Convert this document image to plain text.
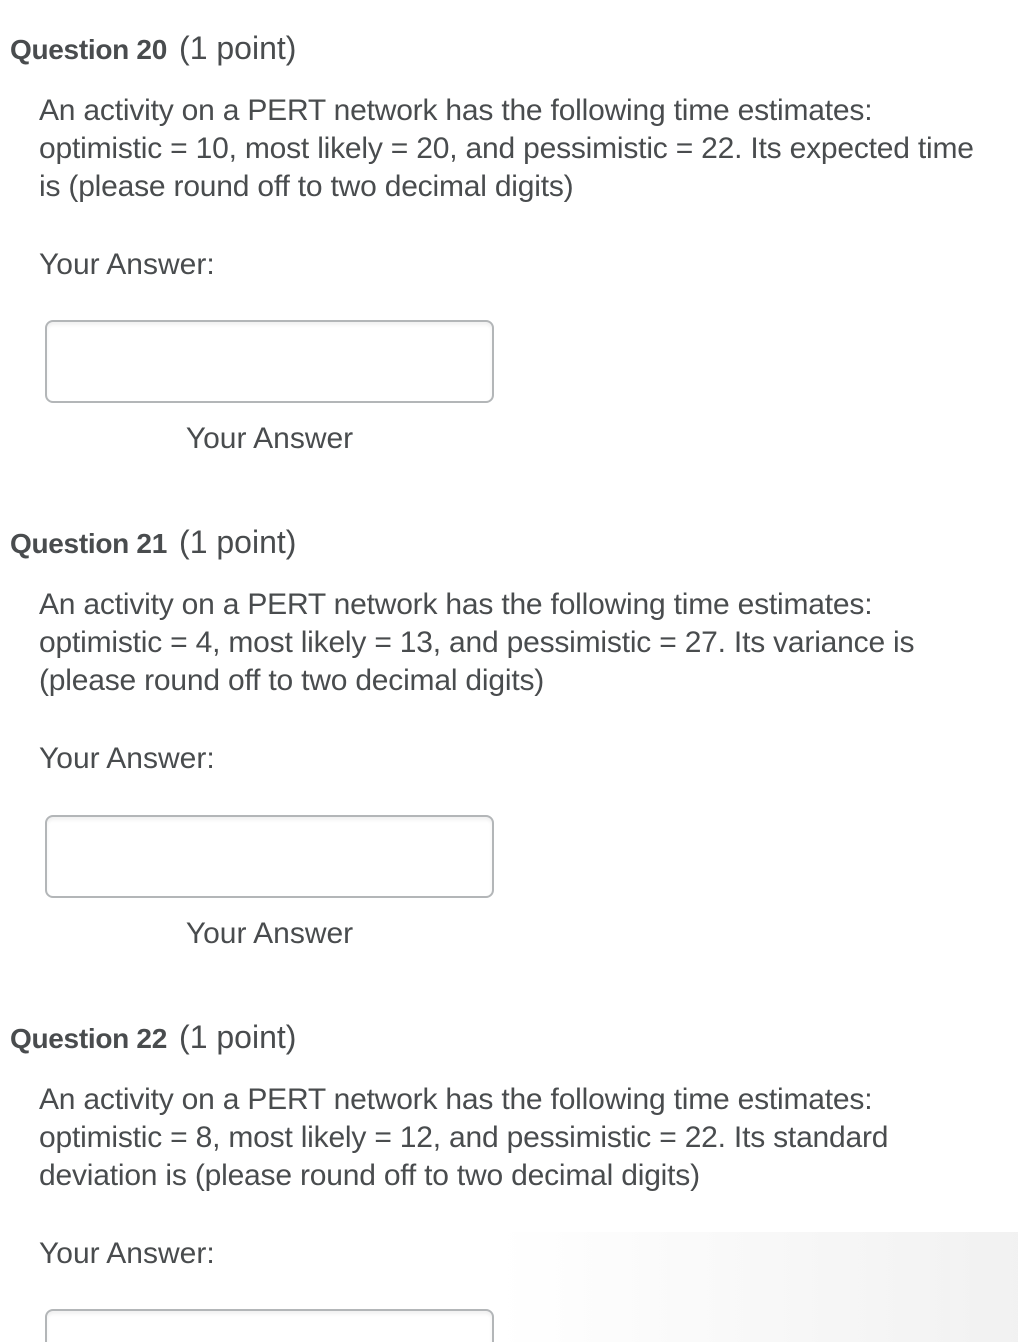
Question 20 (1 point)
An activity on a PERT network has the following time estimates: optimistic = 10, most likely = 20, and pessimistic = 22. Its expected time is (please round off to two decimal digits)
Your Answer:
Your Answer
Question 21 (1 point)
An activity on a PERT network has the following time estimates: optimistic = 4, most likely = 13, and pessimistic = 27. Its variance is (please round off to two decimal digits)
Your Answer:
Your Answer
Question 22 (1 point)
An activity on a PERT network has the following time estimates: optimistic = 8, most likely = 12, and pessimistic = 22. Its standard deviation is (please round off to two decimal digits)
Your Answer:
